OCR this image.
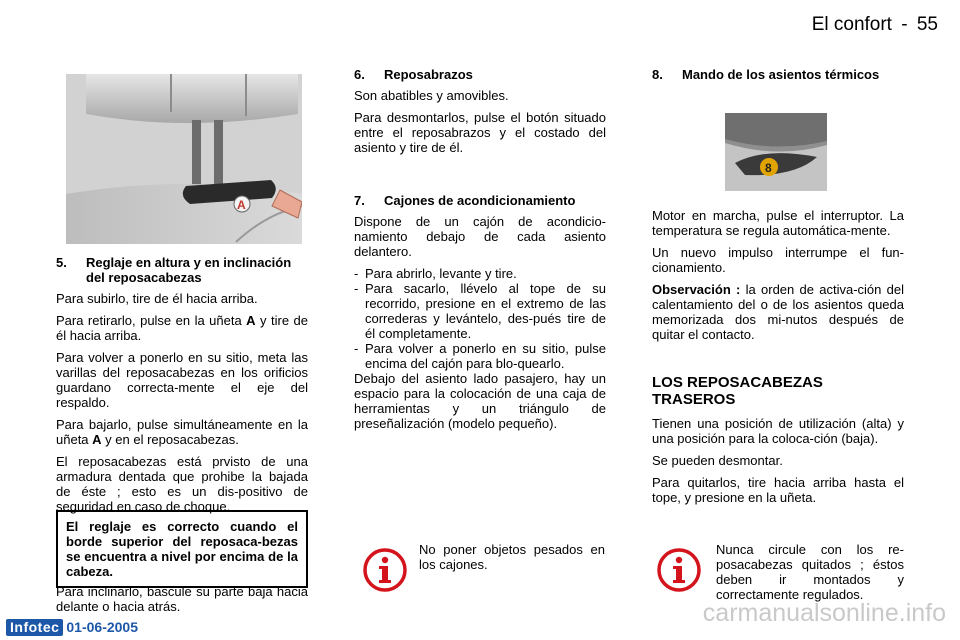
El confort - 55
A
5.	Reglaje en altura y en inclinación del reposacabezas

Para subirlo, tire de él hacia arriba.

Para retirarlo, pulse en la uñeta A y tire de él hacia arriba.

Para volver a ponerlo en su sitio, meta las varillas del reposacabezas en los orificios guardano correcta-mente el eje del respaldo.

Para bajarlo, pulse simultáneamente en la uñeta A y en el reposacabezas.

El reposacabezas está prvisto de una armadura dentada que prohibe la bajada de éste ; esto es un dis-positivo de seguridad en caso de choque.

El reglaje es correcto cuando el borde superior del reposaca-bezas se encuentra a nivel por encima de la cabeza.

Para inclinarlo, bascule su parte baja hacia delante o hacia atrás.

6.	Reposabrazos

Son abatibles y amovibles.

Para desmontarlos, pulse el botón situado entre el reposabrazos y el costado del asiento y tire de él.

7.	Cajones de acondicionamiento

Dispone de un cajón de acondicio-namiento debajo de cada asiento delantero.

- Para abrirlo, levante y tire.
- Para sacarlo, llévelo al tope de su recorrido, presione en el extremo de las correderas y levántelo, des-pués tire de él completamente.
- Para volver a ponerlo en su sitio, pulse encima del cajón para blo-quearlo.

Debajo del asiento lado pasajero, hay un espacio para la colocación de una caja de herramientas y un triángulo de preseñalización (modelo pequeño).

No poner objetos pesados en los cajones.
8.	Mando de los asientos térmicos
8

Motor en marcha, pulse el interruptor. La temperatura se regula automática-mente.

Un nuevo impulso interrumpe el fun-cionamiento.

Observación : la orden de activa-ción del calentamiento del o de los asientos queda memorizada dos mi-nutos después de quitar el contacto.

LOS REPOSACABEZAS TRASEROS

Tienen una posición de utilización (alta) y una posición para la coloca-ción (baja).

Se pueden desmontar.

Para quitarlos, tire hacia arriba hasta el tope, y presione en la uñeta.

Nunca circule con los re-posacabezas quitados ; éstos deben ir montados y correctamente regulados.
Infotec 01-06-2005	carmanualsonline.info
